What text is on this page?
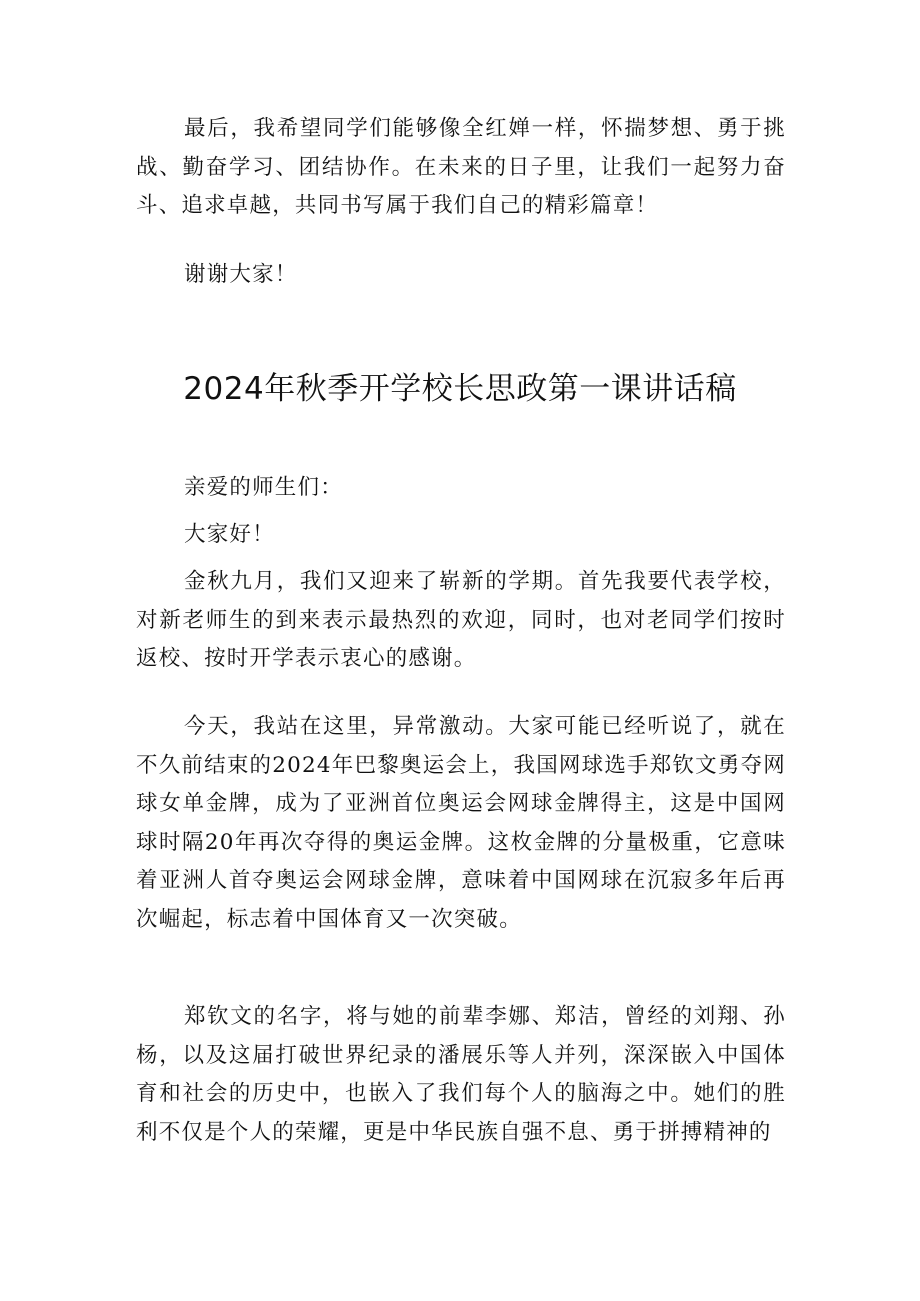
最后，我希望同学们能够像全红婵一样，怀揣梦想、勇于挑战、勤奋学习、团结协作。在未来的日子里，让我们一起努力奋斗、追求卓越，共同书写属于我们自己的精彩篇章！

谢谢大家！

2024年秋季开学校长思政第一课讲话稿

亲爱的师生们：

大家好！

金秋九月，我们又迎来了崭新的学期。首先我要代表学校，对新老师生的到来表示最热烈的欢迎，同时，也对老同学们按时返校、按时开学表示衷心的感谢。

今天，我站在这里，异常激动。大家可能已经听说了，就在不久前结束的2024年巴黎奥运会上，我国网球选手郑钦文勇夺网球女单金牌，成为了亚洲首位奥运会网球金牌得主，这是中国网球时隔20年再次夺得的奥运金牌。这枚金牌的分量极重，它意味着亚洲人首夺奥运会网球金牌，意味着中国网球在沉寂多年后再次崛起，标志着中国体育又一次突破。

郑钦文的名字，将与她的前辈李娜、郑洁，曾经的刘翔、孙杨，以及这届打破世界纪录的潘展乐等人并列，深深嵌入中国体育和社会的历史中，也嵌入了我们每个人的脑海之中。她们的胜利不仅是个人的荣耀，更是中华民族自强不息、勇于拼搏精神的
